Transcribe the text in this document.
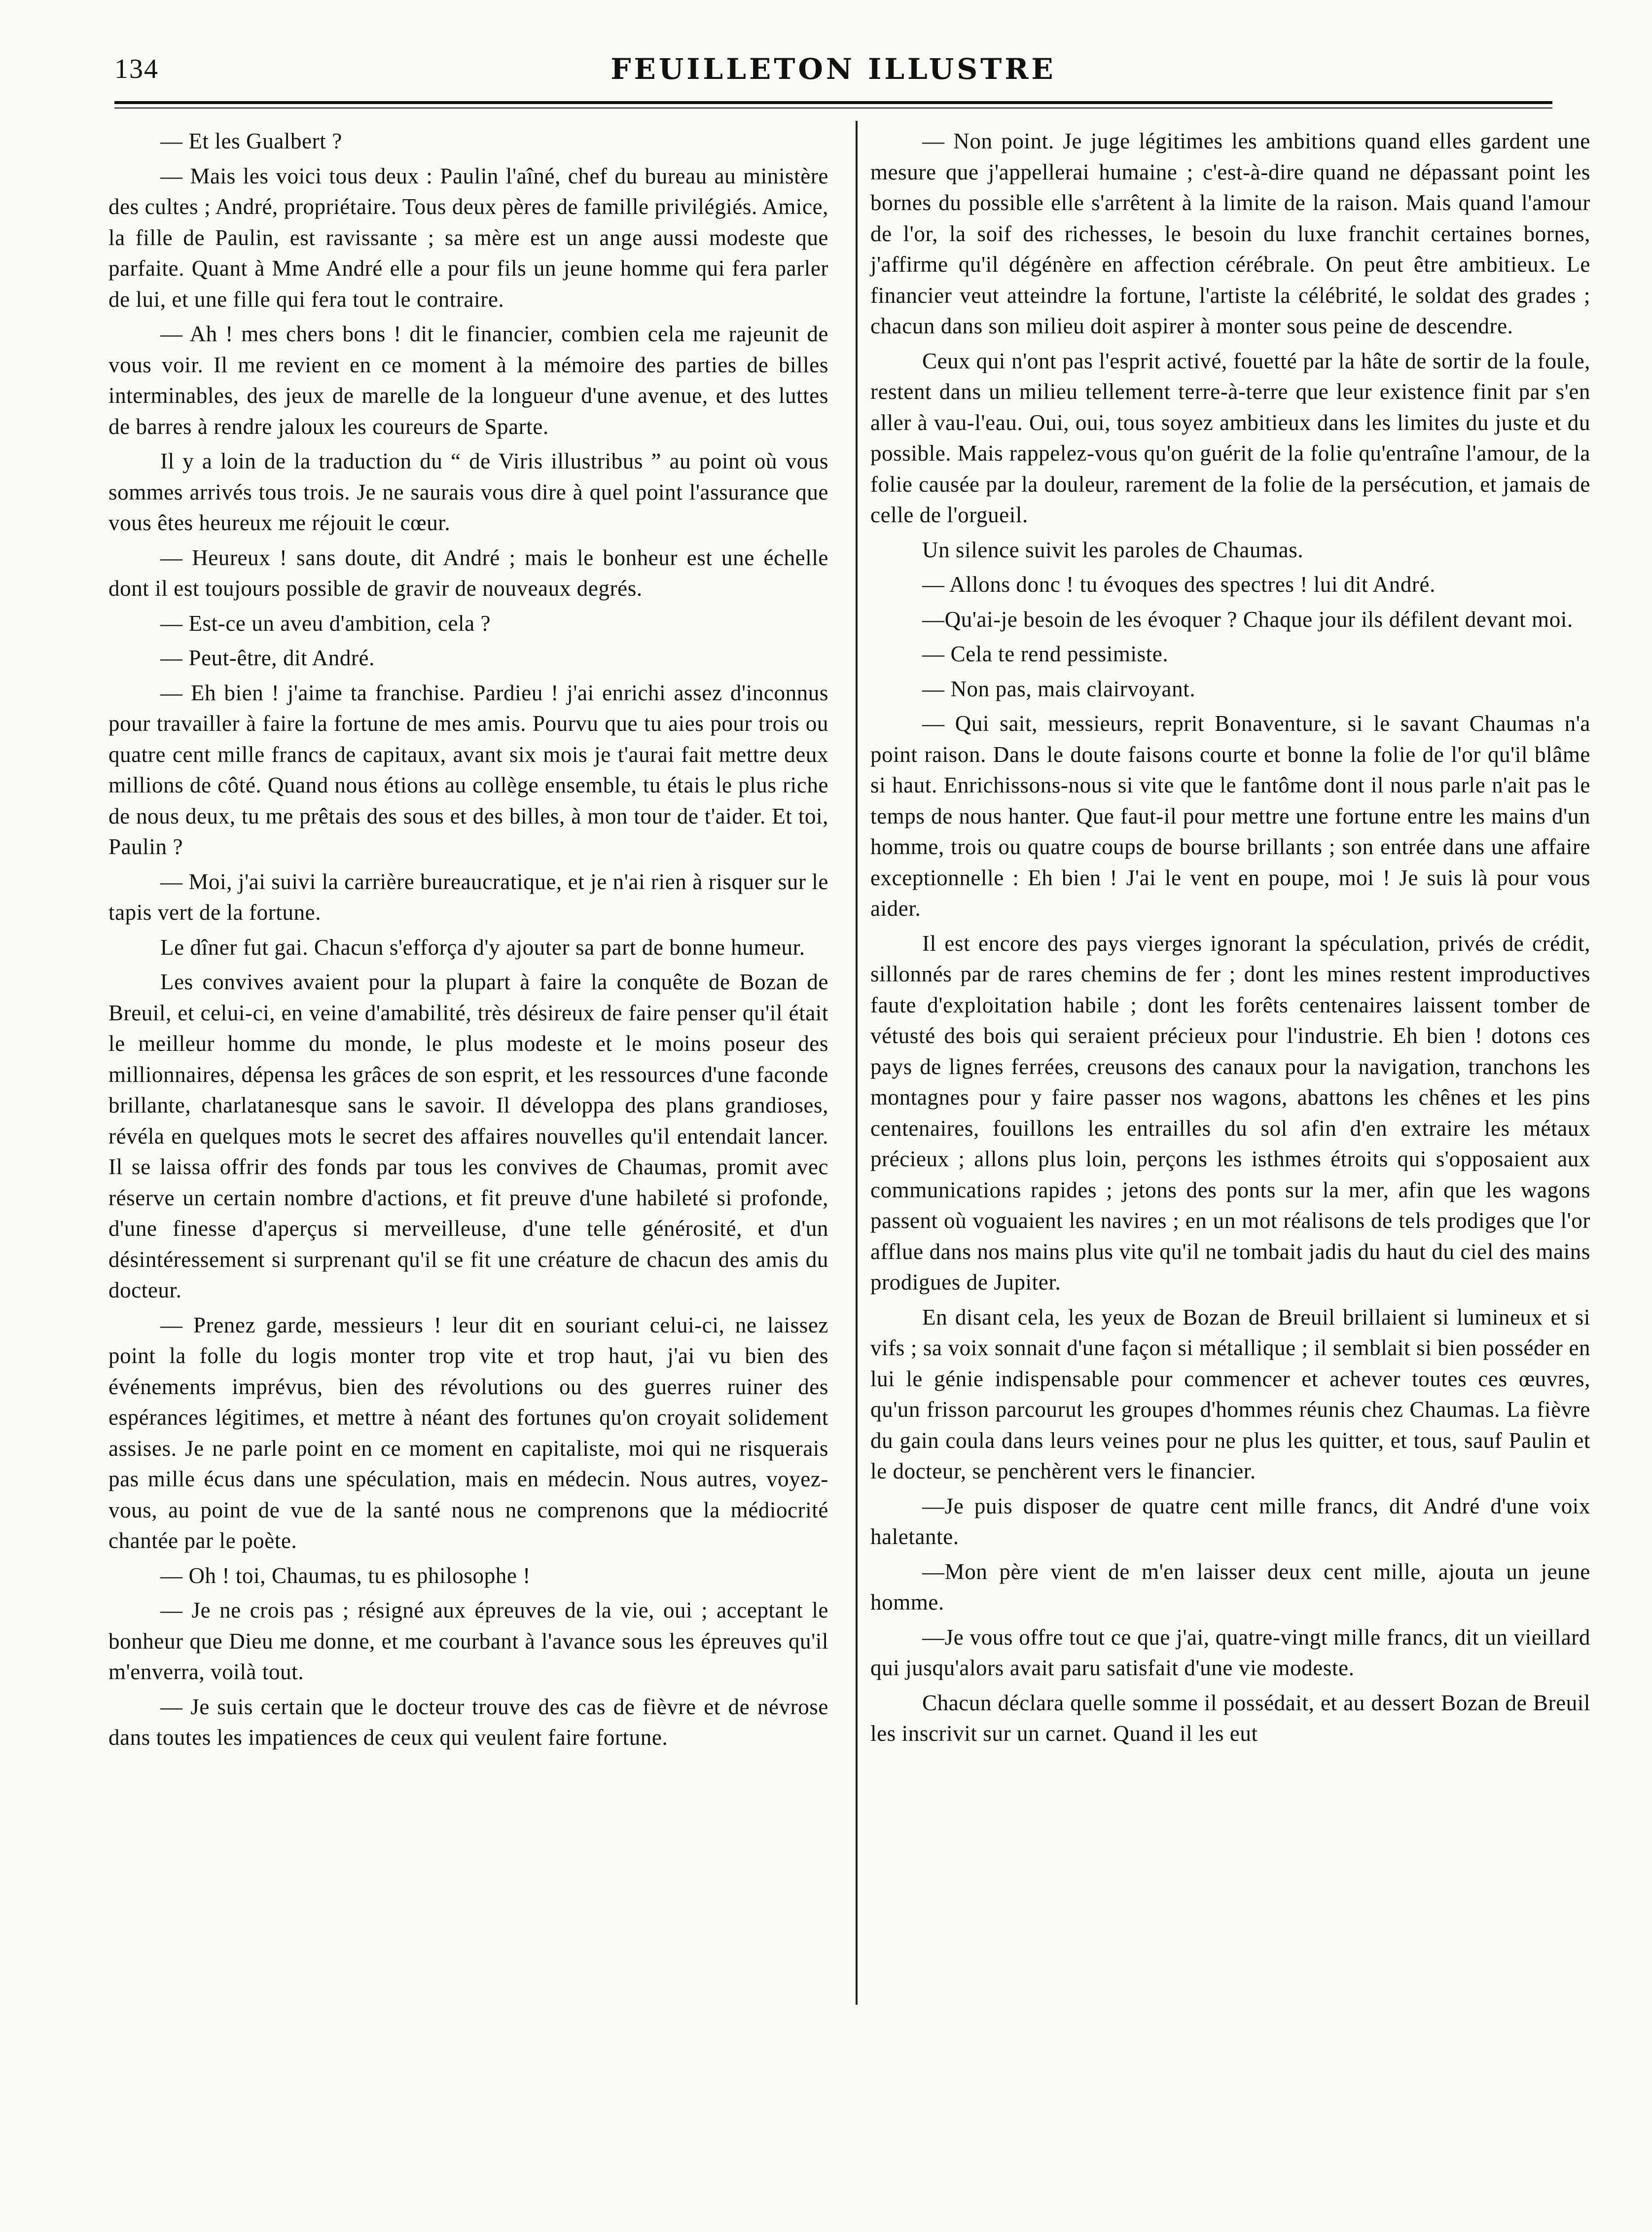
134	FEUILLETON ILLUSTRE

— Et les Gualbert ?

— Mais les voici tous deux : Paulin l'aîné, chef du bureau au ministère des cultes ; André, propriétaire. Tous deux pères de famille privilégiés. Amice, la fille de Paulin, est ravissante ; sa mère est un ange aussi modeste que parfaite. Quant à Mme André elle a pour fils un jeune homme qui fera parler de lui, et une fille qui fera tout le contraire.

— Ah ! mes chers bons ! dit le financier, combien cela me rajeunit de vous voir. Il me revient en ce moment à la mémoire des parties de billes interminables, des jeux de marelle de la longueur d'une avenue, et des luttes de barres à rendre jaloux les coureurs de Sparte.

Il y a loin de la traduction du “ de Viris illustribus ” au point où vous sommes arrivés tous trois. Je ne saurais vous dire à quel point l'assurance que vous êtes heureux me réjouit le cœur.

— Heureux ! sans doute, dit André ; mais le bonheur est une échelle dont il est toujours possible de gravir de nouveaux degrés.

— Est-ce un aveu d'ambition, cela ?

— Peut-être, dit André.

— Eh bien ! j'aime ta franchise. Pardieu ! j'ai enrichi assez d'inconnus pour travailler à faire la fortune de mes amis. Pourvu que tu aies pour trois ou quatre cent mille francs de capitaux, avant six mois je t'aurai fait mettre deux millions de côté. Quand nous étions au collège ensemble, tu étais le plus riche de nous deux, tu me prêtais des sous et des billes, à mon tour de t'aider. Et toi, Paulin ?

— Moi, j'ai suivi la carrière bureaucratique, et je n'ai rien à risquer sur le tapis vert de la fortune.

Le dîner fut gai. Chacun s'efforça d'y ajouter sa part de bonne humeur.

Les convives avaient pour la plupart à faire la conquête de Bozan de Breuil, et celui-ci, en veine d'amabilité, très désireux de faire penser qu'il était le meilleur homme du monde, le plus modeste et le moins poseur des millionnaires, dépensa les grâces de son esprit, et les ressources d'une faconde brillante, charlatanesque sans le savoir. Il développa des plans grandioses, révéla en quelques mots le secret des affaires nouvelles qu'il entendait lancer. Il se laissa offrir des fonds par tous les convives de Chaumas, promit avec réserve un certain nombre d'actions, et fit preuve d'une habileté si profonde, d'une finesse d'aperçus si merveilleuse, d'une telle générosité, et d'un désintéressement si surprenant qu'il se fit une créature de chacun des amis du docteur.

— Prenez garde, messieurs ! leur dit en souriant celui-ci, ne laissez point la folle du logis monter trop vite et trop haut, j'ai vu bien des événements imprévus, bien des révolutions ou des guerres ruiner des espérances légitimes, et mettre à néant des fortunes qu'on croyait solidement assises. Je ne parle point en ce moment en capitaliste, moi qui ne risquerais pas mille écus dans une spéculation, mais en médecin. Nous autres, voyez-vous, au point de vue de la santé nous ne comprenons que la médiocrité chantée par le poète.

— Oh ! toi, Chaumas, tu es philosophe !

— Je ne crois pas ; résigné aux épreuves de la vie, oui ; acceptant le bonheur que Dieu me donne, et me courbant à l'avance sous les épreuves qu'il m'enverra, voilà tout.

— Je suis certain que le docteur trouve des cas de fièvre et de névrose dans toutes les impatiences de ceux qui veulent faire fortune.

— Non point. Je juge légitimes les ambitions quand elles gardent une mesure que j'appellerai humaine ; c'est-à-dire quand ne dépassant point les bornes du possible elle s'arrêtent à la limite de la raison. Mais quand l'amour de l'or, la soif des richesses, le besoin du luxe franchit certaines bornes, j'affirme qu'il dégénère en affection cérébrale. On peut être ambitieux. Le financier veut atteindre la fortune, l'artiste la célébrité, le soldat des grades ; chacun dans son milieu doit aspirer à monter sous peine de descendre.

Ceux qui n'ont pas l'esprit activé, fouetté par la hâte de sortir de la foule, restent dans un milieu tellement terre-à-terre que leur existence finit par s'en aller à vau-l'eau. Oui, oui, tous soyez ambitieux dans les limites du juste et du possible. Mais rappelez-vous qu'on guérit de la folie qu'entraîne l'amour, de la folie causée par la douleur, rarement de la folie de la persécution, et jamais de celle de l'orgueil.

Un silence suivit les paroles de Chaumas.

— Allons donc ! tu évoques des spectres ! lui dit André.

—Qu'ai-je besoin de les évoquer ? Chaque jour ils défilent devant moi.

— Cela te rend pessimiste.

— Non pas, mais clairvoyant.

— Qui sait, messieurs, reprit Bonaventure, si le savant Chaumas n'a point raison. Dans le doute faisons courte et bonne la folie de l'or qu'il blâme si haut. Enrichissons-nous si vite que le fantôme dont il nous parle n'ait pas le temps de nous hanter. Que faut-il pour mettre une fortune entre les mains d'un homme, trois ou quatre coups de bourse brillants ; son entrée dans une affaire exceptionnelle : Eh bien ! J'ai le vent en poupe, moi ! Je suis là pour vous aider.

Il est encore des pays vierges ignorant la spéculation, privés de crédit, sillonnés par de rares chemins de fer ; dont les mines restent improductives faute d'exploitation habile ; dont les forêts centenaires laissent tomber de vétusté des bois qui seraient précieux pour l'industrie. Eh bien ! dotons ces pays de lignes ferrées, creusons des canaux pour la navigation, tranchons les montagnes pour y faire passer nos wagons, abattons les chênes et les pins centenaires, fouillons les entrailles du sol afin d'en extraire les métaux précieux ; allons plus loin, perçons les isthmes étroits qui s'opposaient aux communications rapides ; jetons des ponts sur la mer, afin que les wagons passent où voguaient les navires ; en un mot réalisons de tels prodiges que l'or afflue dans nos mains plus vite qu'il ne tombait jadis du haut du ciel des mains prodigues de Jupiter.

En disant cela, les yeux de Bozan de Breuil brillaient si lumineux et si vifs ; sa voix sonnait d'une façon si métallique ; il semblait si bien posséder en lui le génie indispensable pour commencer et achever toutes ces œuvres, qu'un frisson parcourut les groupes d'hommes réunis chez Chaumas. La fièvre du gain coula dans leurs veines pour ne plus les quitter, et tous, sauf Paulin et le docteur, se penchèrent vers le financier.

—Je puis disposer de quatre cent mille francs, dit André d'une voix haletante.

—Mon père vient de m'en laisser deux cent mille, ajouta un jeune homme.

—Je vous offre tout ce que j'ai, quatre-vingt mille francs, dit un vieillard qui jusqu'alors avait paru satisfait d'une vie modeste.

Chacun déclara quelle somme il possédait, et au dessert Bozan de Breuil les inscrivit sur un carnet. Quand il les eut
